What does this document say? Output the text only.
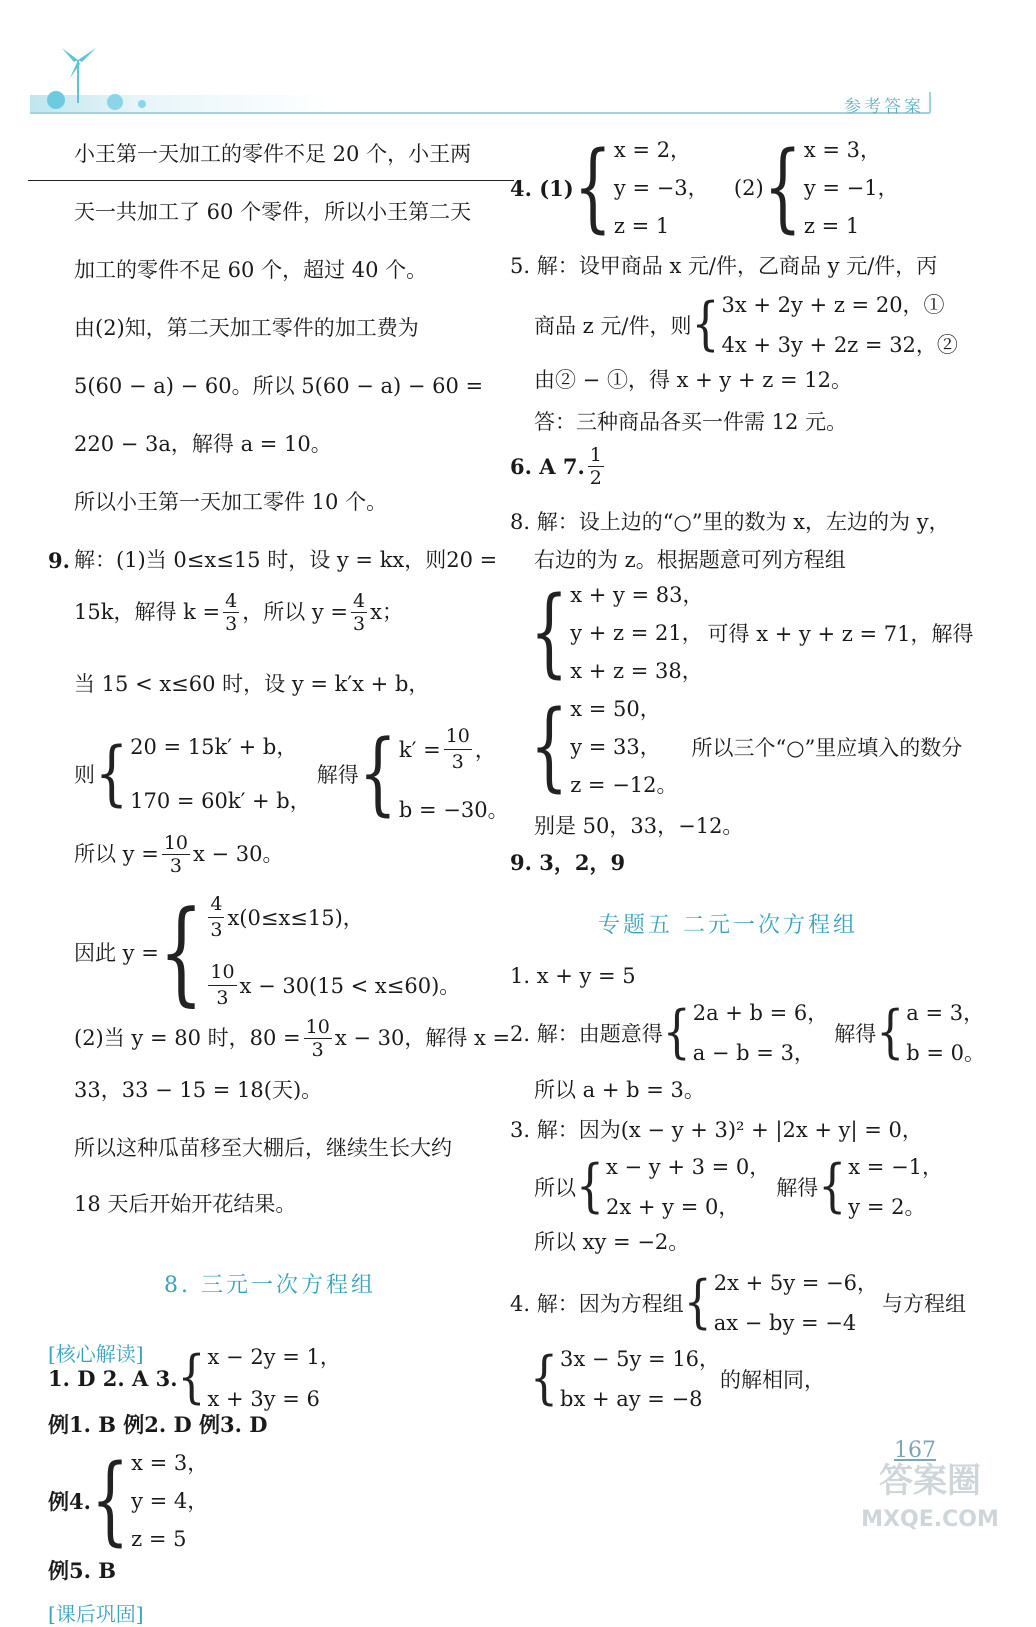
参考答案
小王第一天加工的零件不足 20 个，小王两
天一共加工了 60 个零件，所以小王第二天
加工的零件不足 60 个，超过 40 个。
由(2)知，第二天加工零件的加工费为
5(60 − a) − 60。所以 5(60 − a) − 60 =
220 − 3a，解得 a = 10。
所以小王第一天加工零件 10 个。
9. 解：(1)当 0≤x≤15 时，设 y = kx，则20 =
15k，解得 $k = \frac{4}{3}$ ，所以 $y = \frac{4}{3}$ x；
当 15 < x≤60 时，设 y = k′x + b，
则 { 20 = 15k′ + b，
170 = 60k′ + b，
解得 { $k' = \frac{10}{3}$ ，
b = −30。
所以 $y = \frac{10}{3}$ x − 30。
因此 y = { $\frac{4}{3} x(0\le x\le 15)$，
$\frac{10}{3}$ x − 30(15 < x≤60)。
(2)当 y = 80 时，$80 = \frac{10}{3}$ x − 30，解得 x =
33，33 − 15 = 18(天)。
所以这种瓜苗移至大棚后，继续生长大约
18 天后开始开花结果。
8. 三元一次方程组
[核心解读]
例1. B 例2. D 例3. D
例4. { x = 3，
y = 4，
z = 5
例5. B
[课后巩固]
1. D 2. A 3. { x − 2y = 1，
x + 3y = 6
4. (1) { x = 2，
y = −3，
z = 1
(2) { x = 3，
y = −1，
z = 1
5. 解：设甲商品 x 元/件，乙商品 y 元/件，丙
商品 z 元/件，则 { 3x + 2y + z = 20，①
4x + 3y + 2z = 32，②
由② − ①，得 x + y + z = 12。
答：三种商品各买一件需 12 元。
6. A 7. $\frac{1}{2}$
8. 解：设上边的“○”里的数为 x，左边的为 y，
右边的为 z。根据题意可列方程组
{ x + y = 83，
y + z = 21，
x + z = 38，
可得 x + y + z = 71，解得
{ x = 50，
y = 33，
z = −12。
所以三个“○”里应填入的数分
别是 50，33，−12。
9. 3，2，9
专题五 二元一次方程组
1. x + y = 5
2. 解：由题意得 { 2a + b = 6，
a − b = 3，
解得 { a = 3，
b = 0。
所以 a + b = 3。
3. 解：因为(x − y + 3)² + |2x + y| = 0，
所以 { x − y + 3 = 0，
2x + y = 0，
解得 { x = −1，
y = 2。
所以 xy = −2。
4. 解：因为方程组 { 2x + 5y = −6，
ax − by = −4
与方程组
{ 3x − 5y = 16，
bx + ay = −8
的解相同，
167
答案圈
MXQE.COM
